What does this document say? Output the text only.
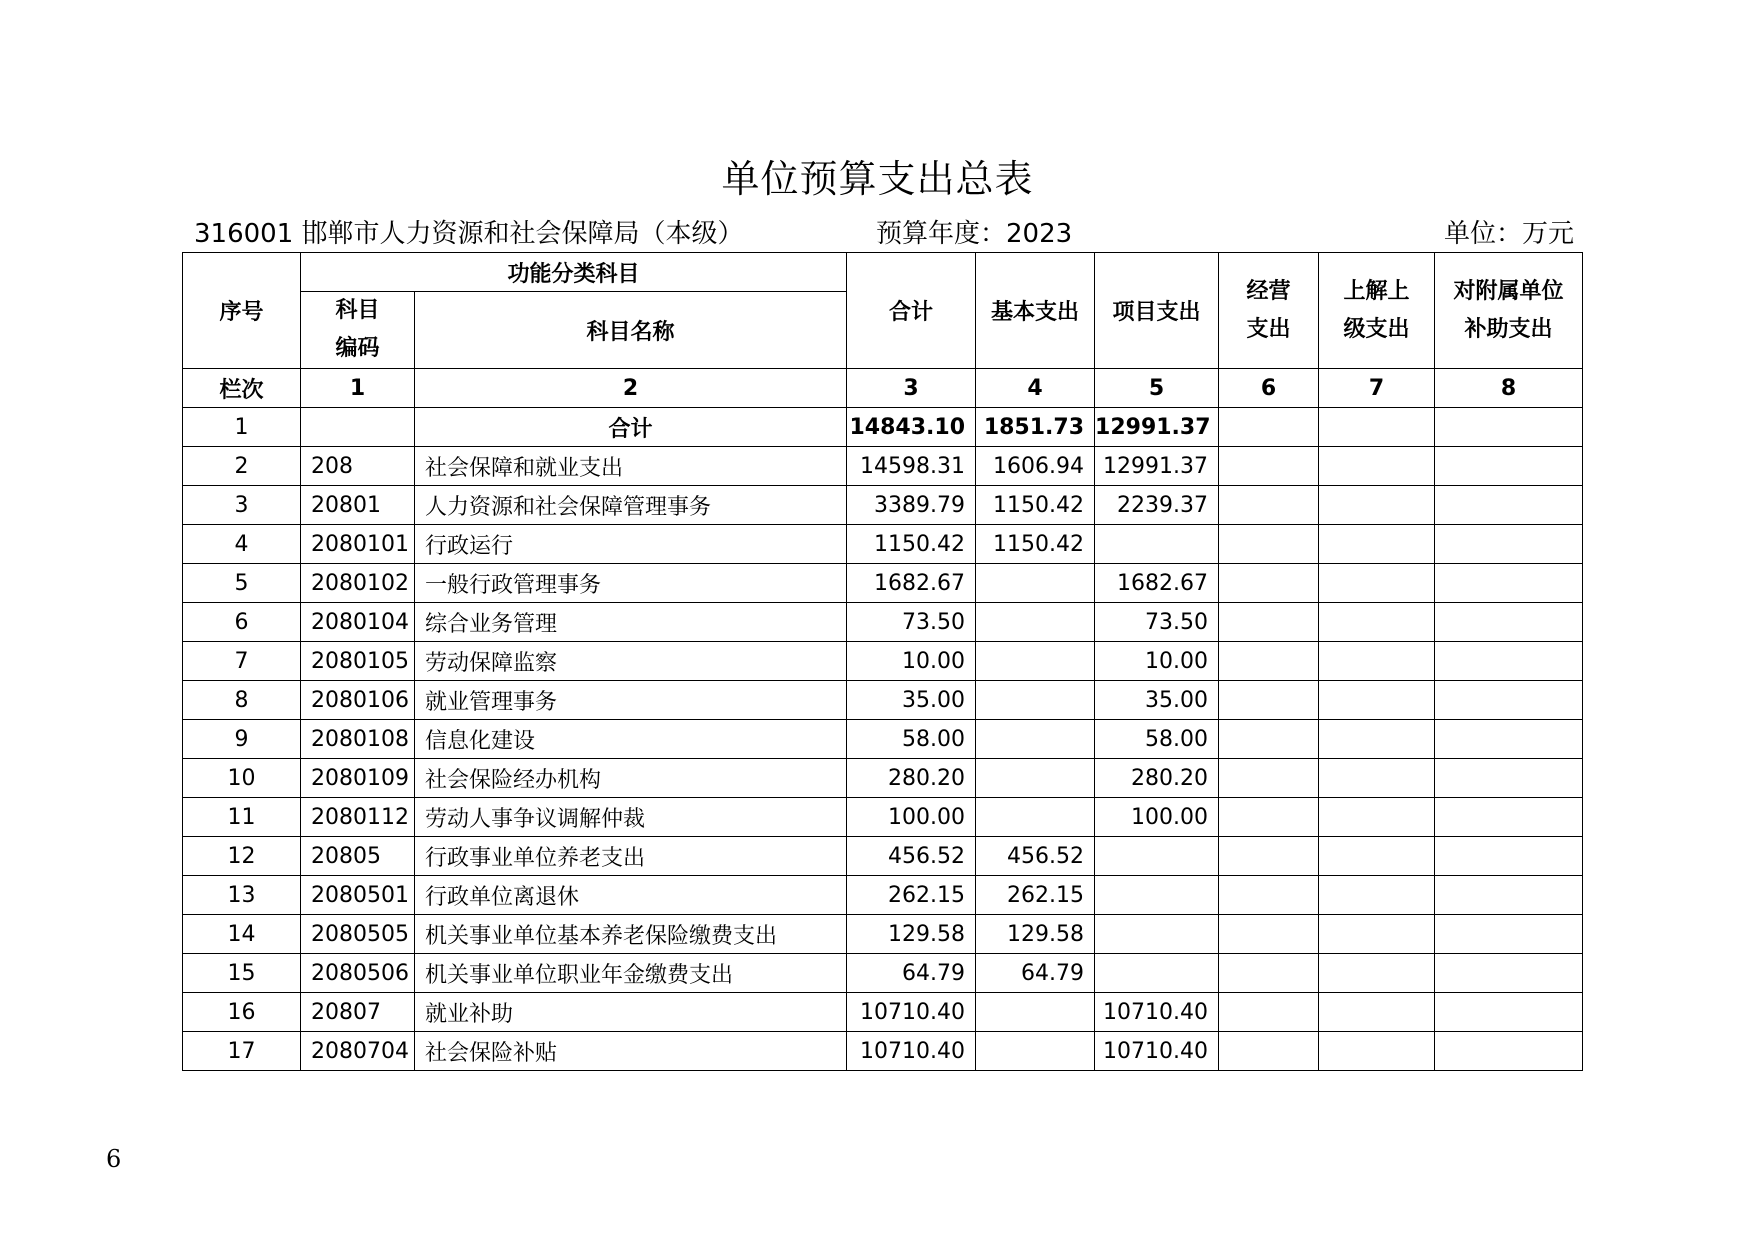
单位预算支出总表
316001 邯郸市人力资源和社会保障局（本级）	预算年度：2023	单位：万元
序号	功能分类科目		合计	基本支出	项目支出	经营支出	上解上级支出	对附属单位补助支出
	科目编码	科目名称						
栏次	1	2	3	4	5	6	7	8
1		合计	14843.10	1851.73	12991.37			
2	208	社会保障和就业支出	14598.31	1606.94	12991.37			
3	20801	人力资源和社会保障管理事务	3389.79	1150.42	2239.37			
4	2080101	行政运行	1150.42	1150.42				
5	2080102	一般行政管理事务	1682.67		1682.67			
6	2080104	综合业务管理	73.50		73.50			
7	2080105	劳动保障监察	10.00		10.00			
8	2080106	就业管理事务	35.00		35.00			
9	2080108	信息化建设	58.00		58.00			
10	2080109	社会保险经办机构	280.20		280.20			
11	2080112	劳动人事争议调解仲裁	100.00		100.00			
12	20805	行政事业单位养老支出	456.52	456.52				
13	2080501	行政单位离退休	262.15	262.15				
14	2080505	机关事业单位基本养老保险缴费支出	129.58	129.58				
15	2080506	机关事业单位职业年金缴费支出	64.79	64.79				
16	20807	就业补助	10710.40		10710.40			
17	2080704	社会保险补贴	10710.40		10710.40			
6
